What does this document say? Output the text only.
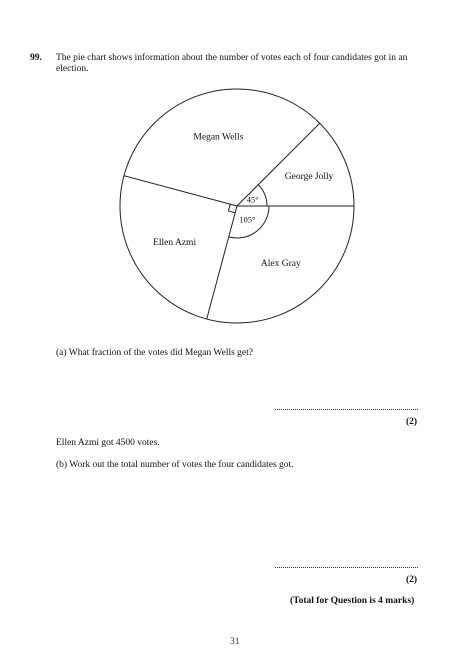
99. The pie chart shows information about the number of votes each of four candidates got in an election.
George Jolly
45°
Alex Gray
105°
Ellen Azmi
Megan Wells
(a) What fraction of the votes did Megan Wells get?
(2)
Ellen Azmi got 4500 votes.
(b) Work out the total number of votes the four candidates got.
(2)
(Total for Question is 4 marks)
31
